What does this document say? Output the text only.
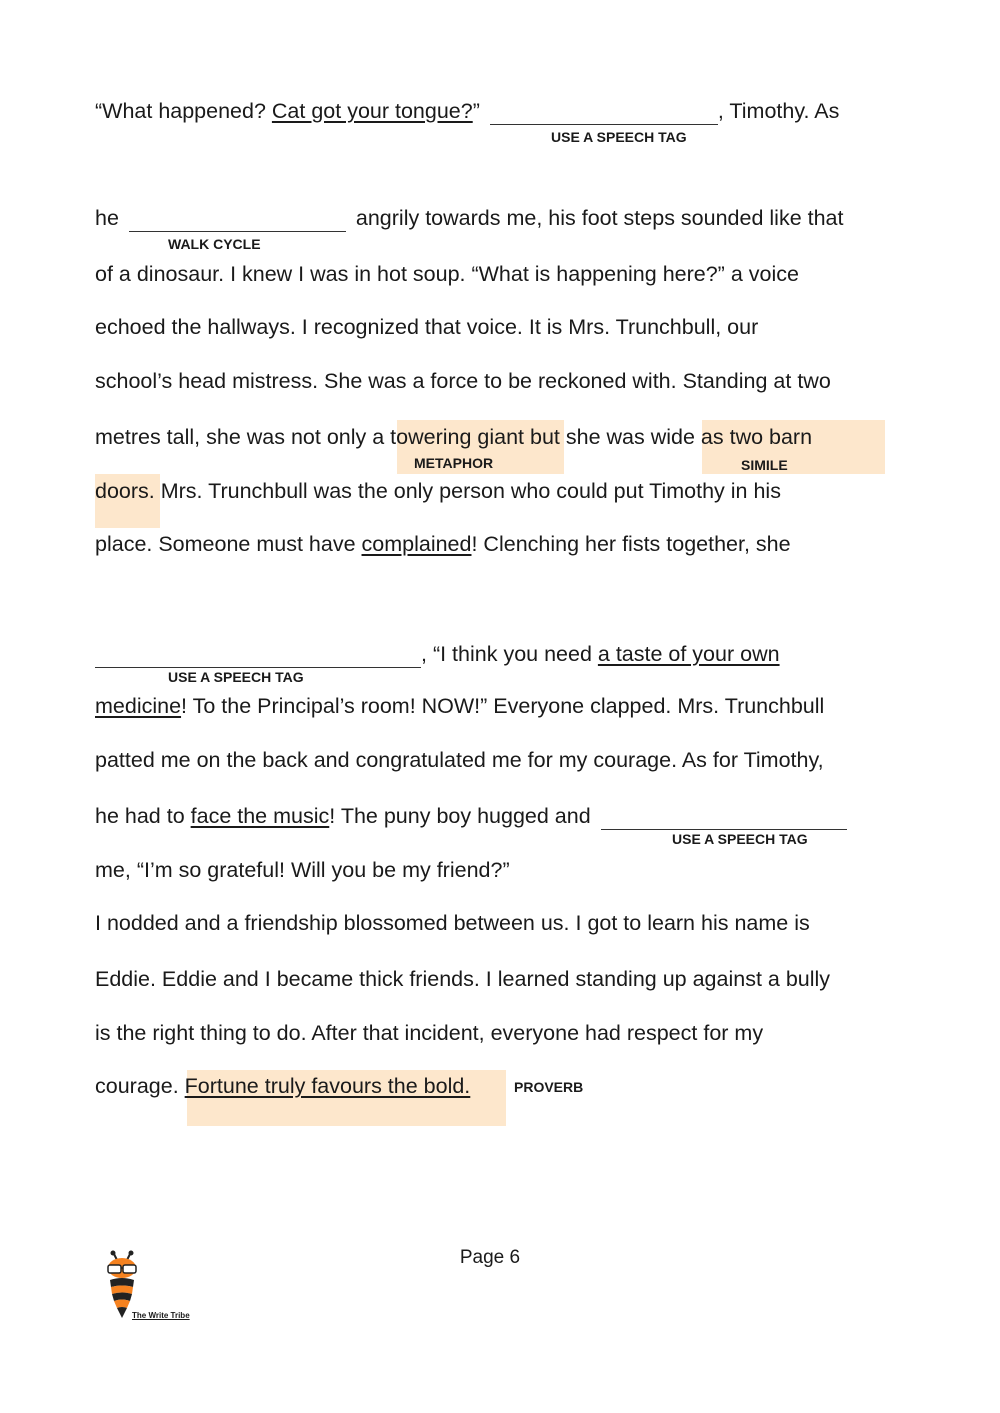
“What happened? Cat got your tongue?”	, Timothy. As
USE A SPEECH TAG
he	angrily towards me, his foot steps sounded like that
WALK CYCLE
of a dinosaur. I knew I was in hot soup. “What is happening here?” a voice
echoed the hallways. I recognized that voice. It is Mrs. Trunchbull, our
school’s head mistress. She was a force to be reckoned with. Standing at two
metres tall, she was not only a towering giant but she was wide as two barn
METAPHOR	SIMILE
doors. Mrs. Trunchbull was the only person who could put Timothy in his
place. Someone must have complained! Clenching her fists together, she
, “I think you need a taste of your own
USE A SPEECH TAG
medicine! To the Principal’s room! NOW!” Everyone clapped. Mrs. Trunchbull
patted me on the back and congratulated me for my courage. As for Timothy,
he had to face the music! The puny boy hugged and
USE A SPEECH TAG
me, “I’m so grateful! Will you be my friend?”
I nodded and a friendship blossomed between us. I got to learn his name is
Eddie. Eddie and I became thick friends. I learned standing up against a bully
is the right thing to do. After that incident, everyone had respect for my
courage. Fortune truly favours the bold.	PROVERB
Page 6
The Write Tribe
